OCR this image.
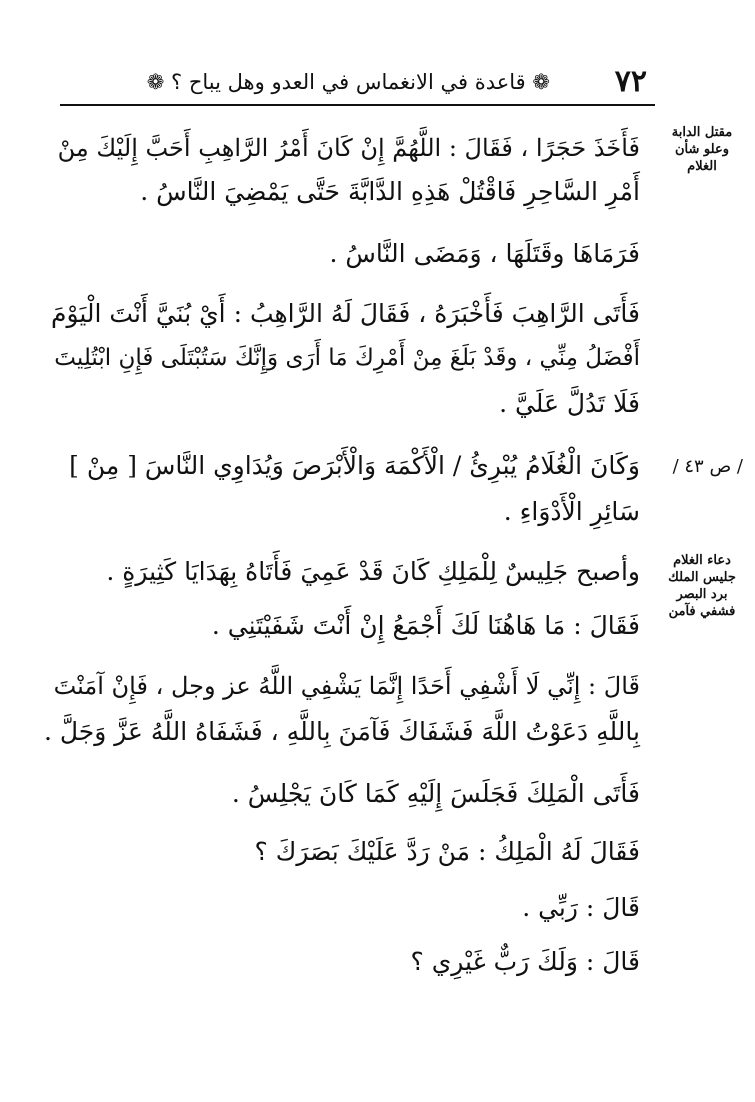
٧٢
❁ قاعدة في الانغماس في العدو وهل يباح ؟ ❁
مقتل الدابة
وعلو شأن
الغلام
/ ص ٤٣ /
دعاء الغلام
جليس الملك
برد البصر
فشفي فآمن
فَأَخَذَ حَجَرًا ، فَقَالَ : اللَّهُمَّ إِنْ كَانَ أَمْرُ الرَّاهِبِ أَحَبَّ إِلَيْكَ مِنْ
أَمْرِ السَّاحِرِ فَاقْتُلْ هَذِهِ الدَّابَّةَ حَتَّى يَمْضِيَ النَّاسُ .
فَرَمَاهَا وقَتَلَهَا ، وَمَضَى النَّاسُ .
فَأَتَى الرَّاهِبَ فَأَخْبَرَهُ ، فَقَالَ لَهُ الرَّاهِبُ : أَيْ بُنَيَّ أَنْتَ الْيَوْمَ
أَفْضَلُ مِنِّي ، وقَدْ بَلَغَ مِنْ أَمْرِكَ مَا أَرَى وَإِنَّكَ سَتُبْتَلَى فَإِنِ ابْتُلِيتَ
فَلَا تَدُلَّ عَلَيَّ .
وَكَانَ الْغُلَامُ يُبْرِئُ / الْأَكْمَهَ وَالْأَبْرَصَ وَيُدَاوِي النَّاسَ [ مِنْ ]
سَائِرِ الْأَدْوَاءِ .
وأصبح جَلِيسٌ لِلْمَلِكِ كَانَ قَدْ عَمِيَ فَأَتَاهُ بِهَدَايَا كَثِيرَةٍ .
فَقَالَ : مَا هَاهُنَا لَكَ أَجْمَعُ إِنْ أَنْتَ شَفَيْتَنِي .
قَالَ : إِنِّي لَا أَشْفِي أَحَدًا إِنَّمَا يَشْفِي اللَّهُ عز وجل ، فَإِنْ آمَنْتَ
بِاللَّهِ دَعَوْتُ اللَّهَ فَشَفَاكَ فَآمَنَ بِاللَّهِ ، فَشَفَاهُ اللَّهُ عَزَّ وَجَلَّ .
فَأَتَى الْمَلِكَ فَجَلَسَ إِلَيْهِ كَمَا كَانَ يَجْلِسُ .
فَقَالَ لَهُ الْمَلِكُ : مَنْ رَدَّ عَلَيْكَ بَصَرَكَ ؟
قَالَ : رَبِّي .
قَالَ : وَلَكَ رَبٌّ غَيْرِي ؟
